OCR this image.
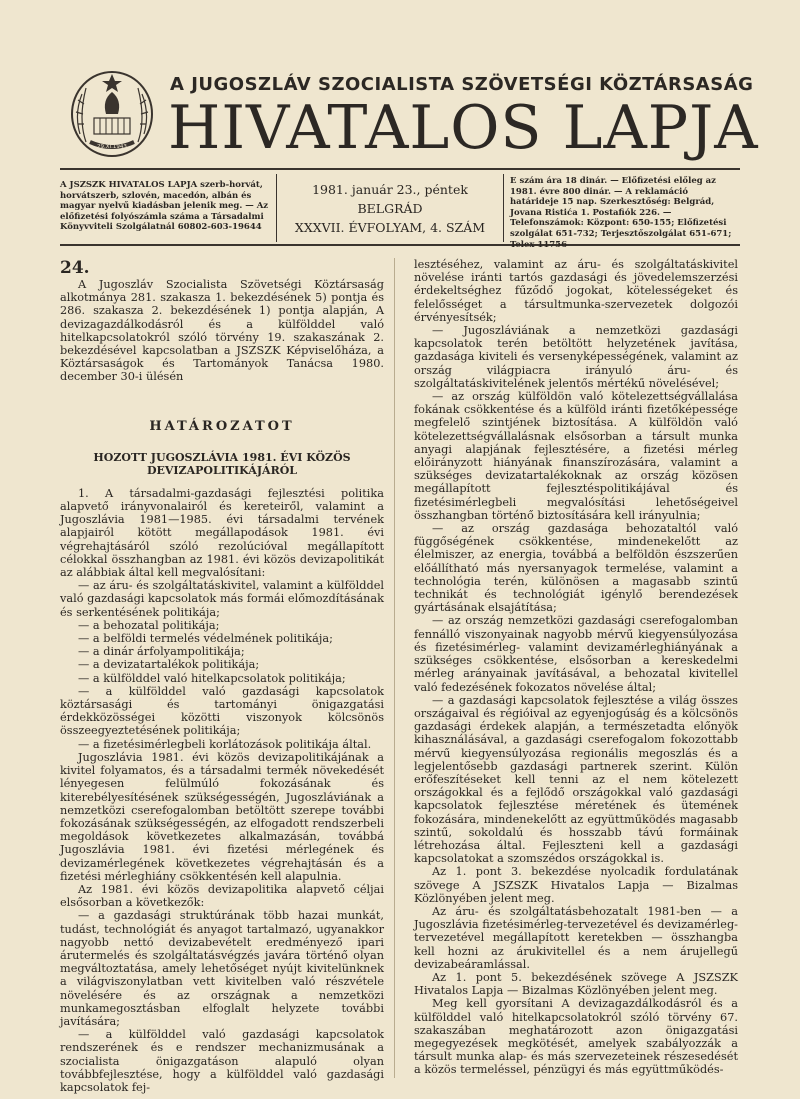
29.XI.1943
A JUGOSZLÁV SZOCIALISTA SZÖVETSÉGI KÖZTÁRSASÁG
HIVATALOS LAPJA
A JSZSZK HIVATALOS LAPJA szerb-horvát, horvátszerb, szlovén, macedón, albán és magyar nyelvű kiadásban jelenik meg. — Az előfizetési folyószámla száma a Társadalmi Könyvviteli Szolgálatnál 60802-603-19644
1981. január 23., péntek
BELGRÁD
XXXVII. ÉVFOLYAM, 4. SZÁM
E szám ára 18 dinár. — Előfizetési előleg az 1981. évre 800 dinár. — A reklamáció határideje 15 nap. Szerkesztőség: Belgrád, Jovana Ristića 1. Postafiók 226. — Telefonszámok: Központ: 650-155; Előfizetési szolgálat 651-732; Terjesztőszolgálat 651-671; Telex 11756

24.

A Jugoszláv Szocialista Szövetségi Köztársaság alkotmánya 281. szakasza 1. bekezdésének 5) pontja és 286. szakasza 2. bekezdésének 1) pontja alapján, A devizagazdálkodásról és a külfölddel való hitelkapcsolatokról szóló törvény 19. szakaszának 2. bekezdésével kapcsolatban a JSZSZK Képviselőháza, a Köztársaságok és Tartományok Tanácsa 1980. december 30-i ülésén

HATÁROZATOT
HOZOTT JUGOSZLÁVIA 1981. ÉVI KÖZÖS DEVIZAPOLITIKÁJÁRÓL

1. A társadalmi-gazdasági fejlesztési politika alapvető irányvonalairól és kereteiről, valamint a Jugoszlávia 1981—1985. évi társadalmi tervének alapjairól kötött megállapodások 1981. évi végrehajtásáról szóló rezolúcióval megállapított célokkal összhangban az 1981. évi közös devizapolitikát az alábbiak által kell megvalósítani:

— az áru- és szolgáltatáskivitel, valamint a külfölddel való gazdasági kapcsolatok más formái előmozdításának és serkentésének politikája;

— a behozatal politikája;

— a belföldi termelés védelmének politikája;

— a dinár árfolyampolitikája;

— a devizatartalékok politikája;

— a külfölddel való hitelkapcsolatok politikája;

— a külfölddel való gazdasági kapcsolatok köztársasági és tartományi önigazgatási érdekközösségei közötti viszonyok kölcsönös összeegyeztetésének politikája;

— a fizetésimérlegbeli korlátozások politikája által.

Jugoszlávia 1981. évi közös devizapolitikájának a kivitel folyamatos, és a társadalmi termék növekedését lényegesen felülmúló fokozásának és kiterebélyesítésének szükségességén, Jugoszláviának a nemzetközi cserefogalomban betöltött szerepe további fokozásának szükségességén, az elfogadott rendszerbeli megoldások következetes alkalmazásán, továbbá Jugoszlávia 1981. évi fizetési mérlegének és devizamérlegének következetes végrehajtásán és a fizetési mérleghiány csökkentésén kell alapulnia.

Az 1981. évi közös devizapolitika alapvető céljai elsősorban a következők:

— a gazdasági struktúrának több hazai munkát, tudást, technológiát és anyagot tartalmazó, ugyanakkor nagyobb nettó devizabevételt eredményező ipari árutermelés és szolgáltatásvégzés javára történő olyan megváltoztatása, amely lehetőséget nyújt kivitelünknek a világviszonylatban vett kivitelben való részvétele növelésére és az országnak a nemzetközi munkamegosztásban elfoglalt helyzete további javítására;

— a külfölddel való gazdasági kapcsolatok rendszerének és e rendszer mechanizmusának a szocialista önigazgatáson alapuló olyan továbbfejlesztése, hogy a külfölddel való gazdasági kapcsolatok fej-

lesztéséhez, valamint az áru- és szolgáltatáskivitel növelése iránti tartós gazdasági és jövedelemszerzési érdekeltséghez fűződő jogokat, kötelességeket és felelősséget a társultmunka-szervezetek dolgozói érvényesítsék;

— Jugoszláviának a nemzetközi gazdasági kapcsolatok terén betöltött helyzetének javítása, gazdasága kiviteli és versenyképességének, valamint az ország világpiacra irányuló áru- és szolgáltatáskivitelének jelentős mértékű növelésével;

— az ország külföldön való kötelezettségvállalása fokának csökkentése és a külföld iránti fizetőképessége megfelelő szintjének biztosítása. A külföldön való kötelezettségvállalásnak elsősorban a társult munka anyagi alapjának fejlesztésére, a fizetési mérleg előirányzott hiányának finanszírozására, valamint a szükséges devizatartalékoknak az ország közösen megállapított fejlesztéspolitikájával és fizetésimérlegbeli megvalósítási lehetőségeivel összhangban történő biztosítására kell irányulnia;

— az ország gazdasága behozataltól való függőségének csökkentése, mindenekelőtt az élelmiszer, az energia, továbbá a belföldön észszerűen előállítható más nyersanyagok termelése, valamint a technológia terén, különösen a magasabb szintű technikát és technológiát igénylő berendezések gyártásának elsajátítása;

— az ország nemzetközi gazdasági cserefogalomban fennálló viszonyainak nagyobb mérvű kiegyensúlyozása és fizetésimérleg- valamint devizamérleghiányának a szükséges csökkentése, elsősorban a kereskedelmi mérleg arányainak javításával, a behozatal kivitellel való fedezésének fokozatos növelése által;

— a gazdasági kapcsolatok fejlesztése a világ összes országaival és régióival az egyenjogúság és a kölcsönös gazdasági érdekek alapján, a természetadta előnyök kihasználásával, a gazdasági cserefogalom fokozottabb mérvű kiegyensúlyozása regionális megoszlás és a legjelentősebb gazdasági partnerek szerint. Külön erőfeszítéseket kell tenni az el nem kötelezett országokkal és a fejlődő országokkal való gazdasági kapcsolatok fejlesztése méretének és ütemének fokozására, mindenekelőtt az együttműködés magasabb szintű, sokoldalú és hosszabb távú formáinak létrehozása által. Fejleszteni kell a gazdasági kapcsolatokat a szomszédos országokkal is.

Az 1. pont 3. bekezdése nyolcadik fordulatának szövege A JSZSZK Hivatalos Lapja — Bizalmas Közlönyében jelent meg.

Az áru- és szolgáltatásbehozatalt 1981-ben — a Jugoszlávia fizetésimérleg-tervezetével és devizamérleg-tervezetével megállapított keretekben — összhangba kell hozni az árukivitellel és a nem árujellegű devizabeáramlással.

Az 1. pont 5. bekezdésének szövege A JSZSZK Hivatalos Lapja — Bizalmas Közlönyében jelent meg.

Meg kell gyorsítani A devizagazdálkodásról és a külfölddel való hitelkapcsolatokról szóló törvény 67. szakaszában meghatározott azon önigazgatási megegyezések megkötését, amelyek szabályozzák a társult munka alap- és más szervezeteinek részesedését a közös termeléssel, pénzügyi és más együttműködés-
